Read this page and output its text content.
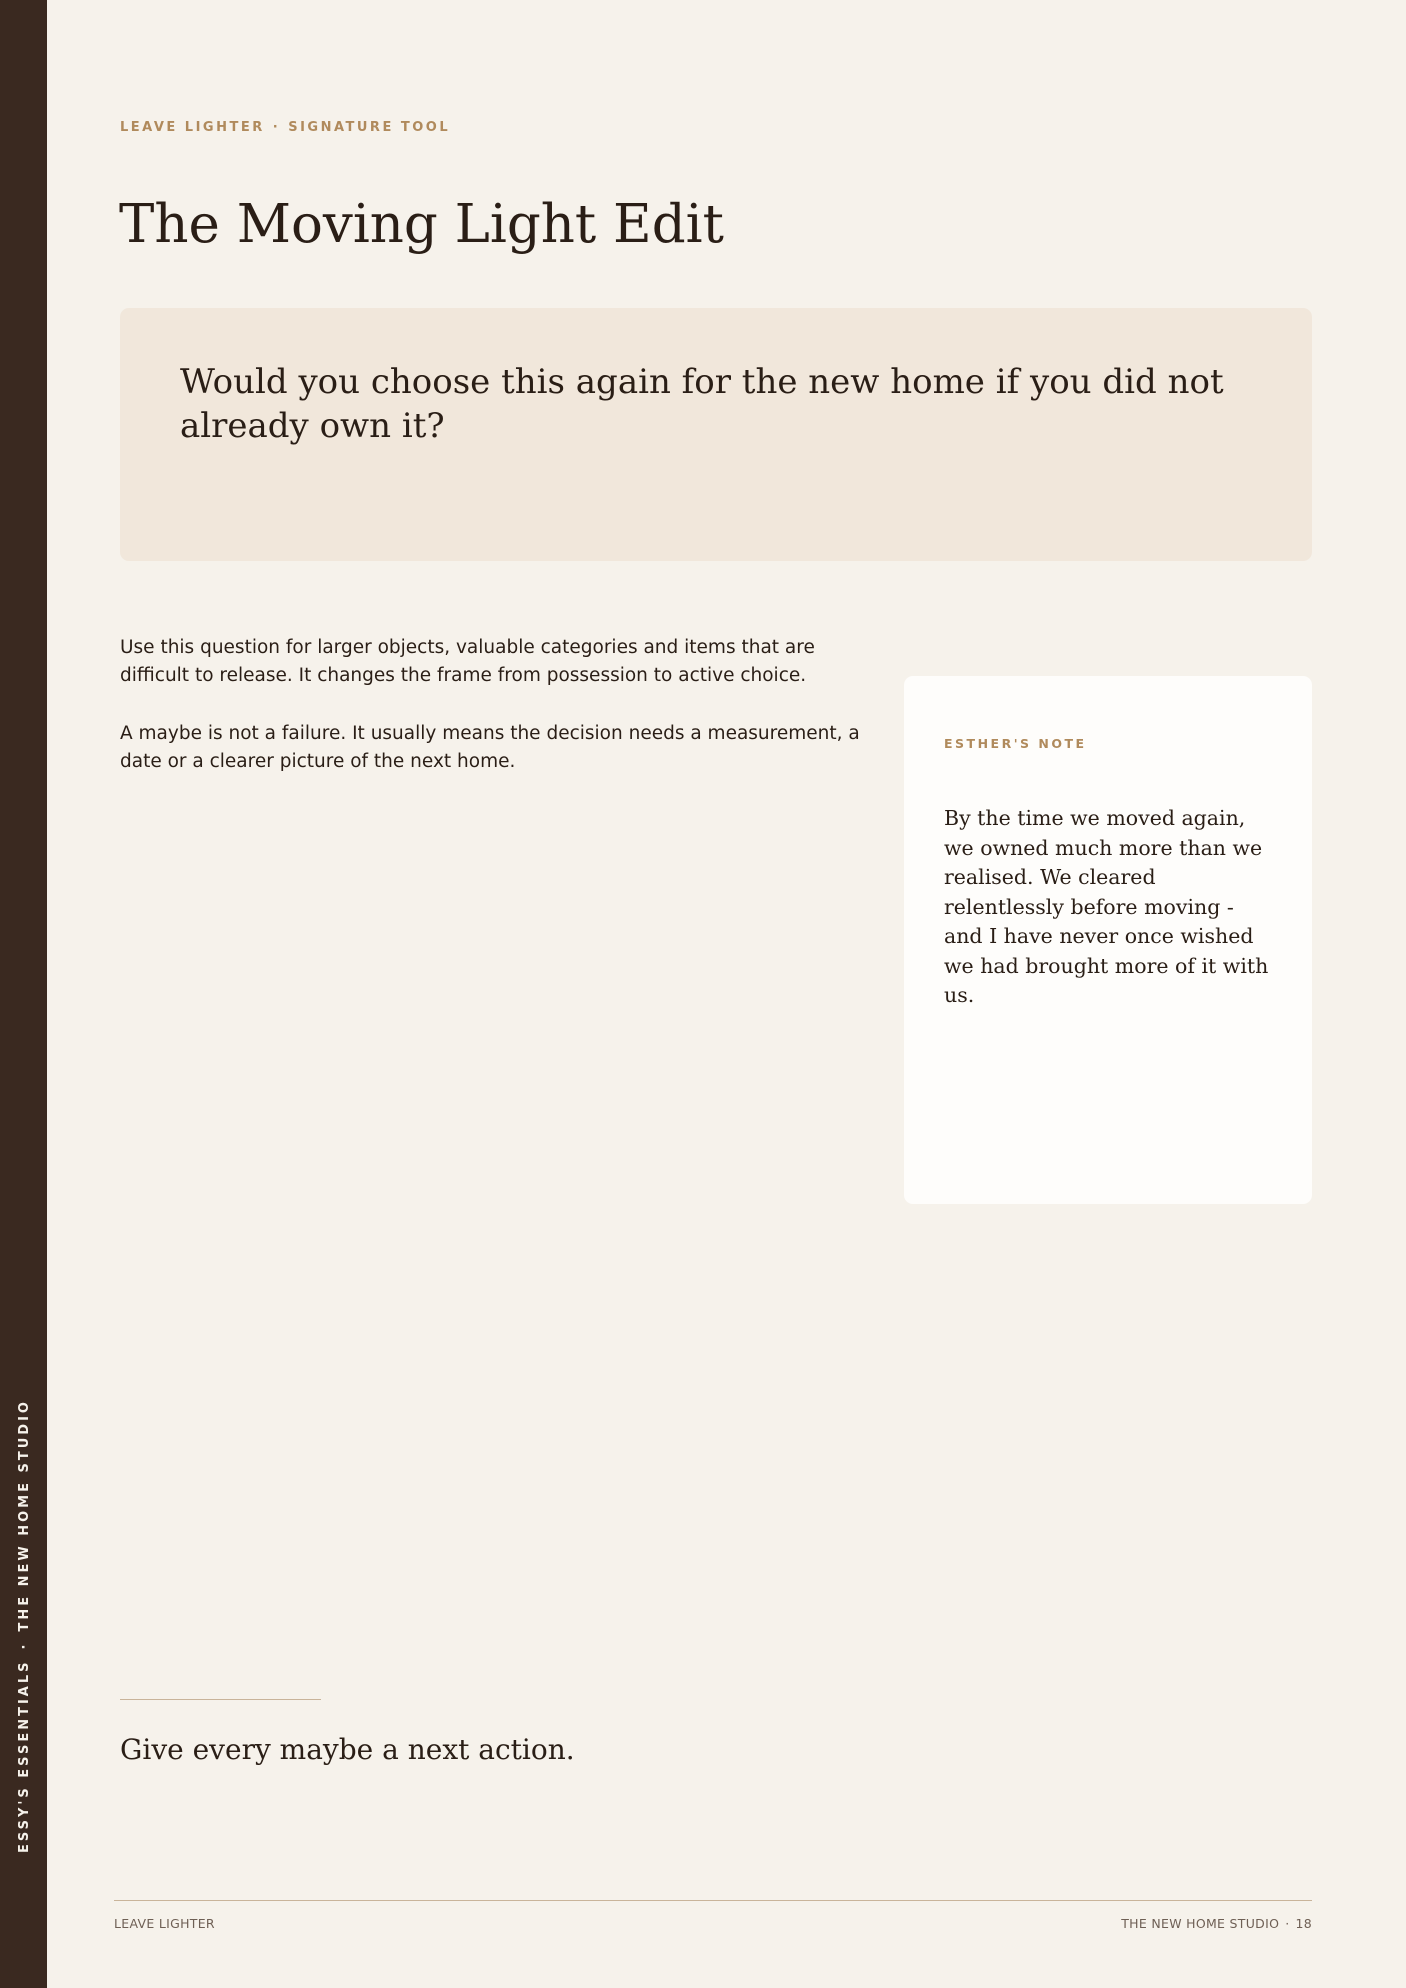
ESSY'S ESSENTIALS·THE NEW HOME STUDIO
LEAVE LIGHTER · SIGNATURE TOOL
The Moving Light Edit

Would you choose this again for the new home if you did not already own it?

Use this question for larger objects, valuable categories and items that are difficult to release. It changes the frame from possession to active choice.

A maybe is not a failure. It usually means the decision needs a measurement, a date or a clearer picture of the next home.

ESTHER'S NOTE

By the time we moved again, we owned much more than we realised. We cleared relentlessly before moving - and I have never once wished we had brought more of it with us.

Give every maybe a next action.

LEAVE LIGHTER	THE NEW HOME STUDIO · 18
